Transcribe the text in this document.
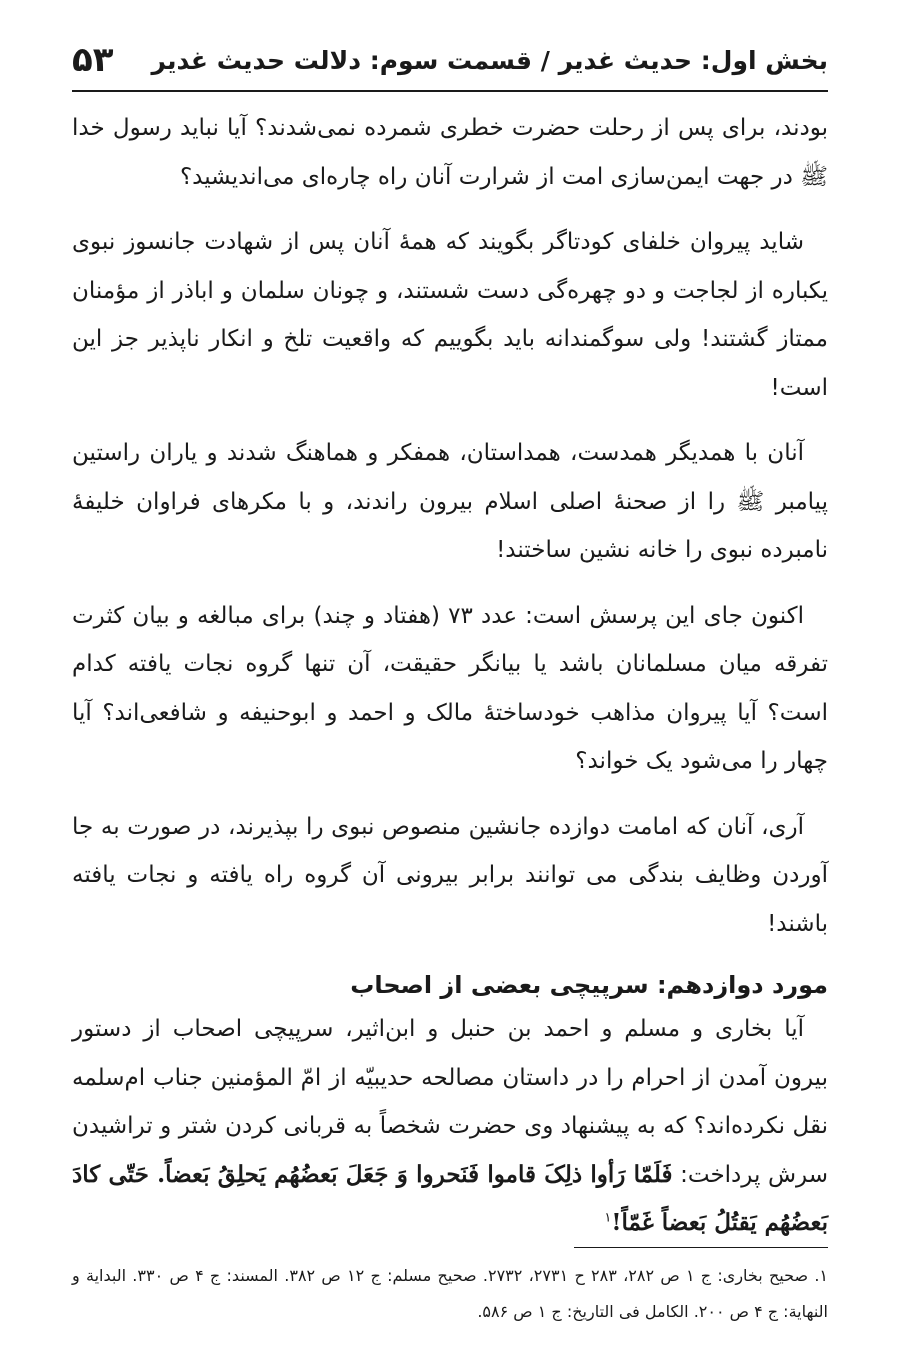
بخش اول: حدیث غدیر / قسمت سوم: دلالت حدیث غدیر
۵۳

بودند، برای پس از رحلت حضرت خطری شمرده نمی‌شدند؟ آیا نباید رسول خدا ﷺ در جهت ایمن‌سازی امت از شرارت آنان راه چاره‌ای می‌اندیشید؟

شاید پیروان خلفای کودتاگر بگویند که همهٔ آنان پس از شهادت جانسوز نبوی یکباره از لجاجت و دو چهره‌گی دست شستند، و چونان سلمان و اباذر از مؤمنان ممتاز گشتند! ولی سوگمندانه باید بگوییم که واقعیت تلخ و انکار ناپذیر جز این است!

آنان با همدیگر همدست، همداستان، همفکر و هماهنگ شدند و یاران راستین پیامبر ﷺ را از صحنهٔ اصلی اسلام بیرون راندند، و با مکرهای فراوان خلیفهٔ نامبرده نبوی را خانه نشین ساختند!

اکنون جای این پرسش است: عدد ۷۳ (هفتاد و چند) برای مبالغه و بیان کثرت تفرقه میان مسلمانان باشد یا بیانگر حقیقت، آن تنها گروه نجات یافته کدام است؟ آیا پیروان مذاهب خودساختهٔ مالک و احمد و ابوحنیفه و شافعی‌اند؟ آیا چهار را می‌شود یک خواند؟

آری، آنان که امامت دوازده جانشین منصوص نبوی را بپذیرند، در صورت به جا آوردن وظایف بندگی می توانند برابر بیرونی آن گروه راه یافته و نجات یافته باشند!

مورد دوازدهم: سرپیچی بعضی از اصحاب

آیا بخاری و مسلم و احمد بن حنبل و ابن‌اثیر، سرپیچی اصحاب از دستور بیرون آمدن از احرام را در داستان مصالحه حدیبیّه از امّ المؤمنین جناب ام‌سلمه نقل نکرده‌اند؟ که به پیشنهاد وی حضرت شخصاً به قربانی کردن شتر و تراشیدن سرش پرداخت: فَلَمّا رَأوا ذلِکَ قاموا فَنَحروا وَ جَعَلَ بَعضُهُم یَحلِقُ بَعضاً. حَتّی کادَ بَعضُهُم یَقتُلُ بَعضاً غَمّاً!$^۱$

۱. صحیح بخاری: ج ۱ ص ۲۸۲، ۲۸۳ ح ۲۷۳۱، ۲۷۳۲. صحیح مسلم: ج ۱۲ ص ۳۸۲. المسند: ج ۴ ص ۳۳۰. البدایة و النهایة: ج ۴ ص ۲۰۰. الکامل فی التاریخ: ج ۱ ص ۵۸۶.
